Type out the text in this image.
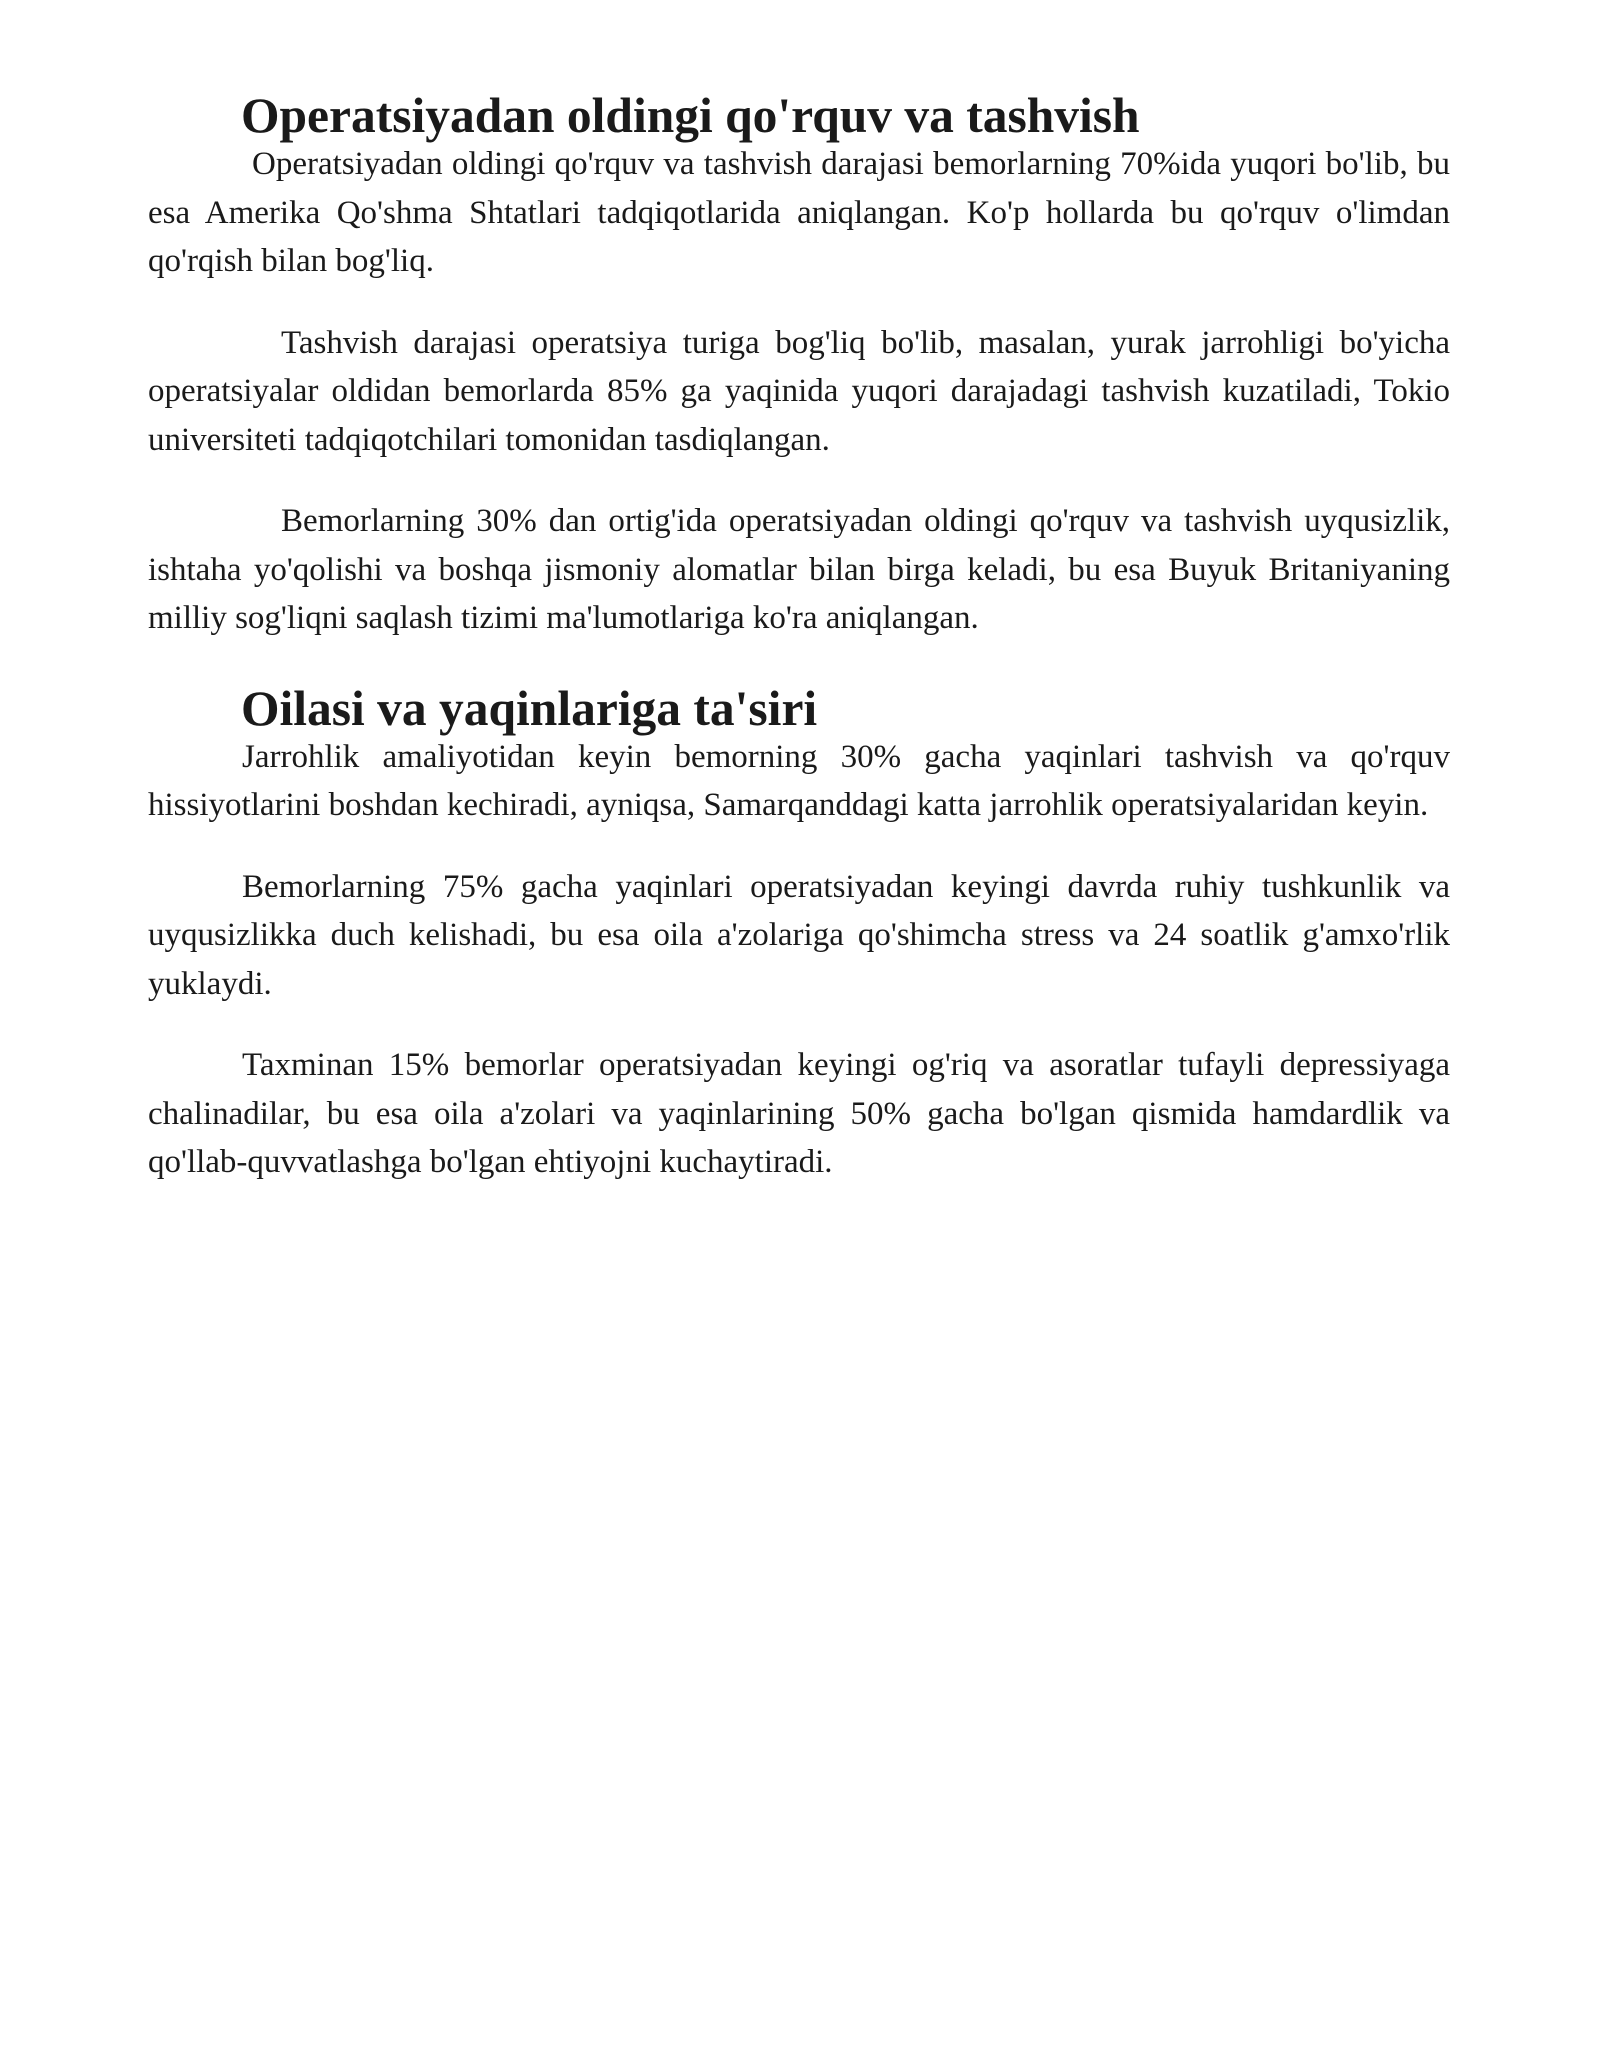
Operatsiyadan oldingi qo'rquv va tashvish

Operatsiyadan oldingi qo'rquv va tashvish darajasi bemorlarning 70%ida yuqori bo'lib, bu esa Amerika Qo'shma Shtatlari tadqiqotlarida aniqlangan. Ko'p hollarda bu qo'rquv o'limdan qo'rqish bilan bog'liq.

Tashvish darajasi operatsiya turiga bog'liq bo'lib, masalan, yurak jarrohligi bo'yicha operatsiyalar oldidan bemorlarda 85% ga yaqinida yuqori darajadagi tashvish kuzatiladi, Tokio universiteti tadqiqotchilari tomonidan tasdiqlangan.

Bemorlarning 30% dan ortig'ida operatsiyadan oldingi qo'rquv va tashvish uyqusizlik, ishtaha yo'qolishi va boshqa jismoniy alomatlar bilan birga keladi, bu esa Buyuk Britaniyaning milliy sog'liqni saqlash tizimi ma'lumotlariga ko'ra aniqlangan.

Oilasi va yaqinlariga ta'siri

Jarrohlik amaliyotidan keyin bemorning 30% gacha yaqinlari tashvish va qo'rquv hissiyotlarini boshdan kechiradi, ayniqsa, Samarqanddagi katta jarrohlik operatsiyalaridan keyin.

Bemorlarning 75% gacha yaqinlari operatsiyadan keyingi davrda ruhiy tushkunlik va uyqusizlikka duch kelishadi, bu esa oila a'zolariga qo'shimcha stress va 24 soatlik g'amxo'rlik yuklaydi.

Taxminan 15% bemorlar operatsiyadan keyingi og'riq va asoratlar tufayli depressiyaga chalinadilar, bu esa oila a'zolari va yaqinlarining 50% gacha bo'lgan qismida hamdardlik va qo'llab-quvvatlashga bo'lgan ehtiyojni kuchaytiradi.
